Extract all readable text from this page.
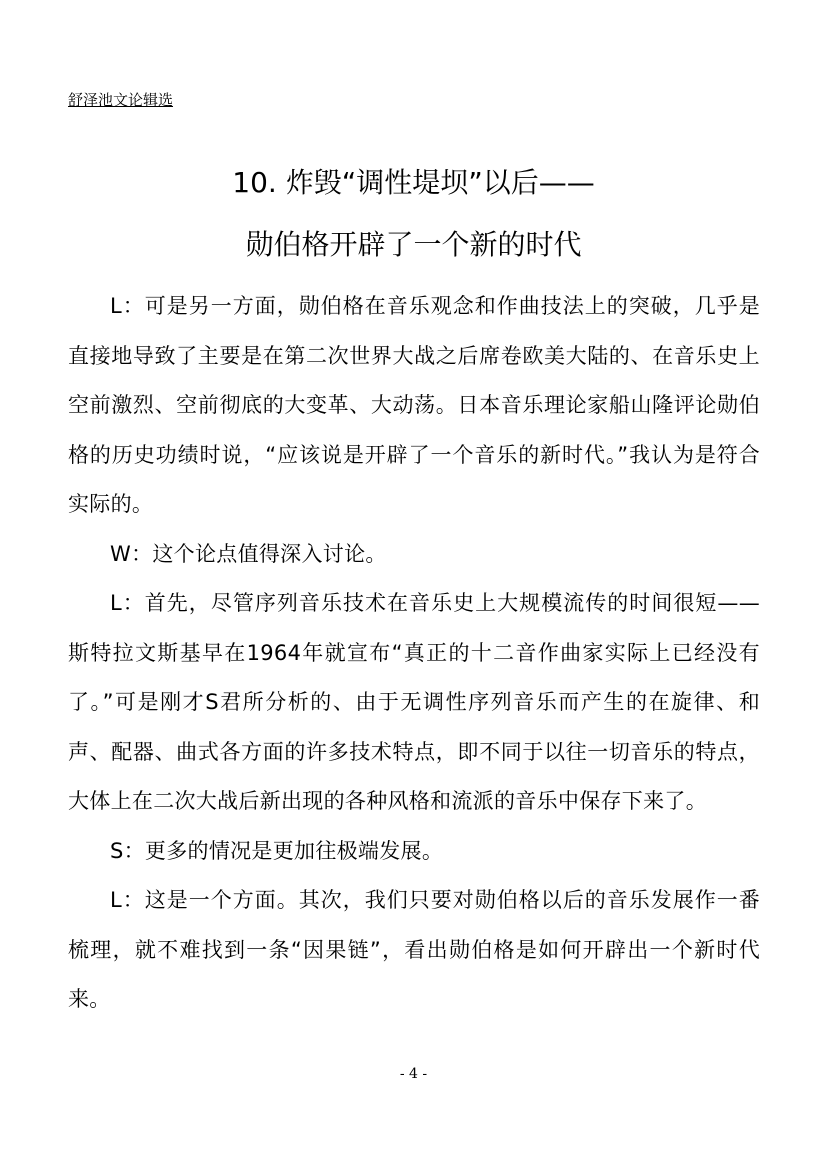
舒泽池文论辑选
10. 炸毁“调性堤坝”以后——
勋伯格开辟了一个新的时代

L：可是另一方面，勋伯格在音乐观念和作曲技法上的突破，几乎是直接地导致了主要是在第二次世界大战之后席卷欧美大陆的、在音乐史上空前激烈、空前彻底的大变革、大动荡。日本音乐理论家船山隆评论勋伯格的历史功绩时说，“应该说是开辟了一个音乐的新时代。”我认为是符合实际的。

W：这个论点值得深入讨论。

L：首先，尽管序列音乐技术在音乐史上大规模流传的时间很短——斯特拉文斯基早在1964年就宣布“真正的十二音作曲家实际上已经没有了。”可是刚才S君所分析的、由于无调性序列音乐而产生的在旋律、和声、配器、曲式各方面的许多技术特点，即不同于以往一切音乐的特点，大体上在二次大战后新出现的各种风格和流派的音乐中保存下来了。

S：更多的情况是更加往极端发展。

L：这是一个方面。其次，我们只要对勋伯格以后的音乐发展作一番梳理，就不难找到一条“因果链”，看出勋伯格是如何开辟出一个新时代来。

- 4 -
